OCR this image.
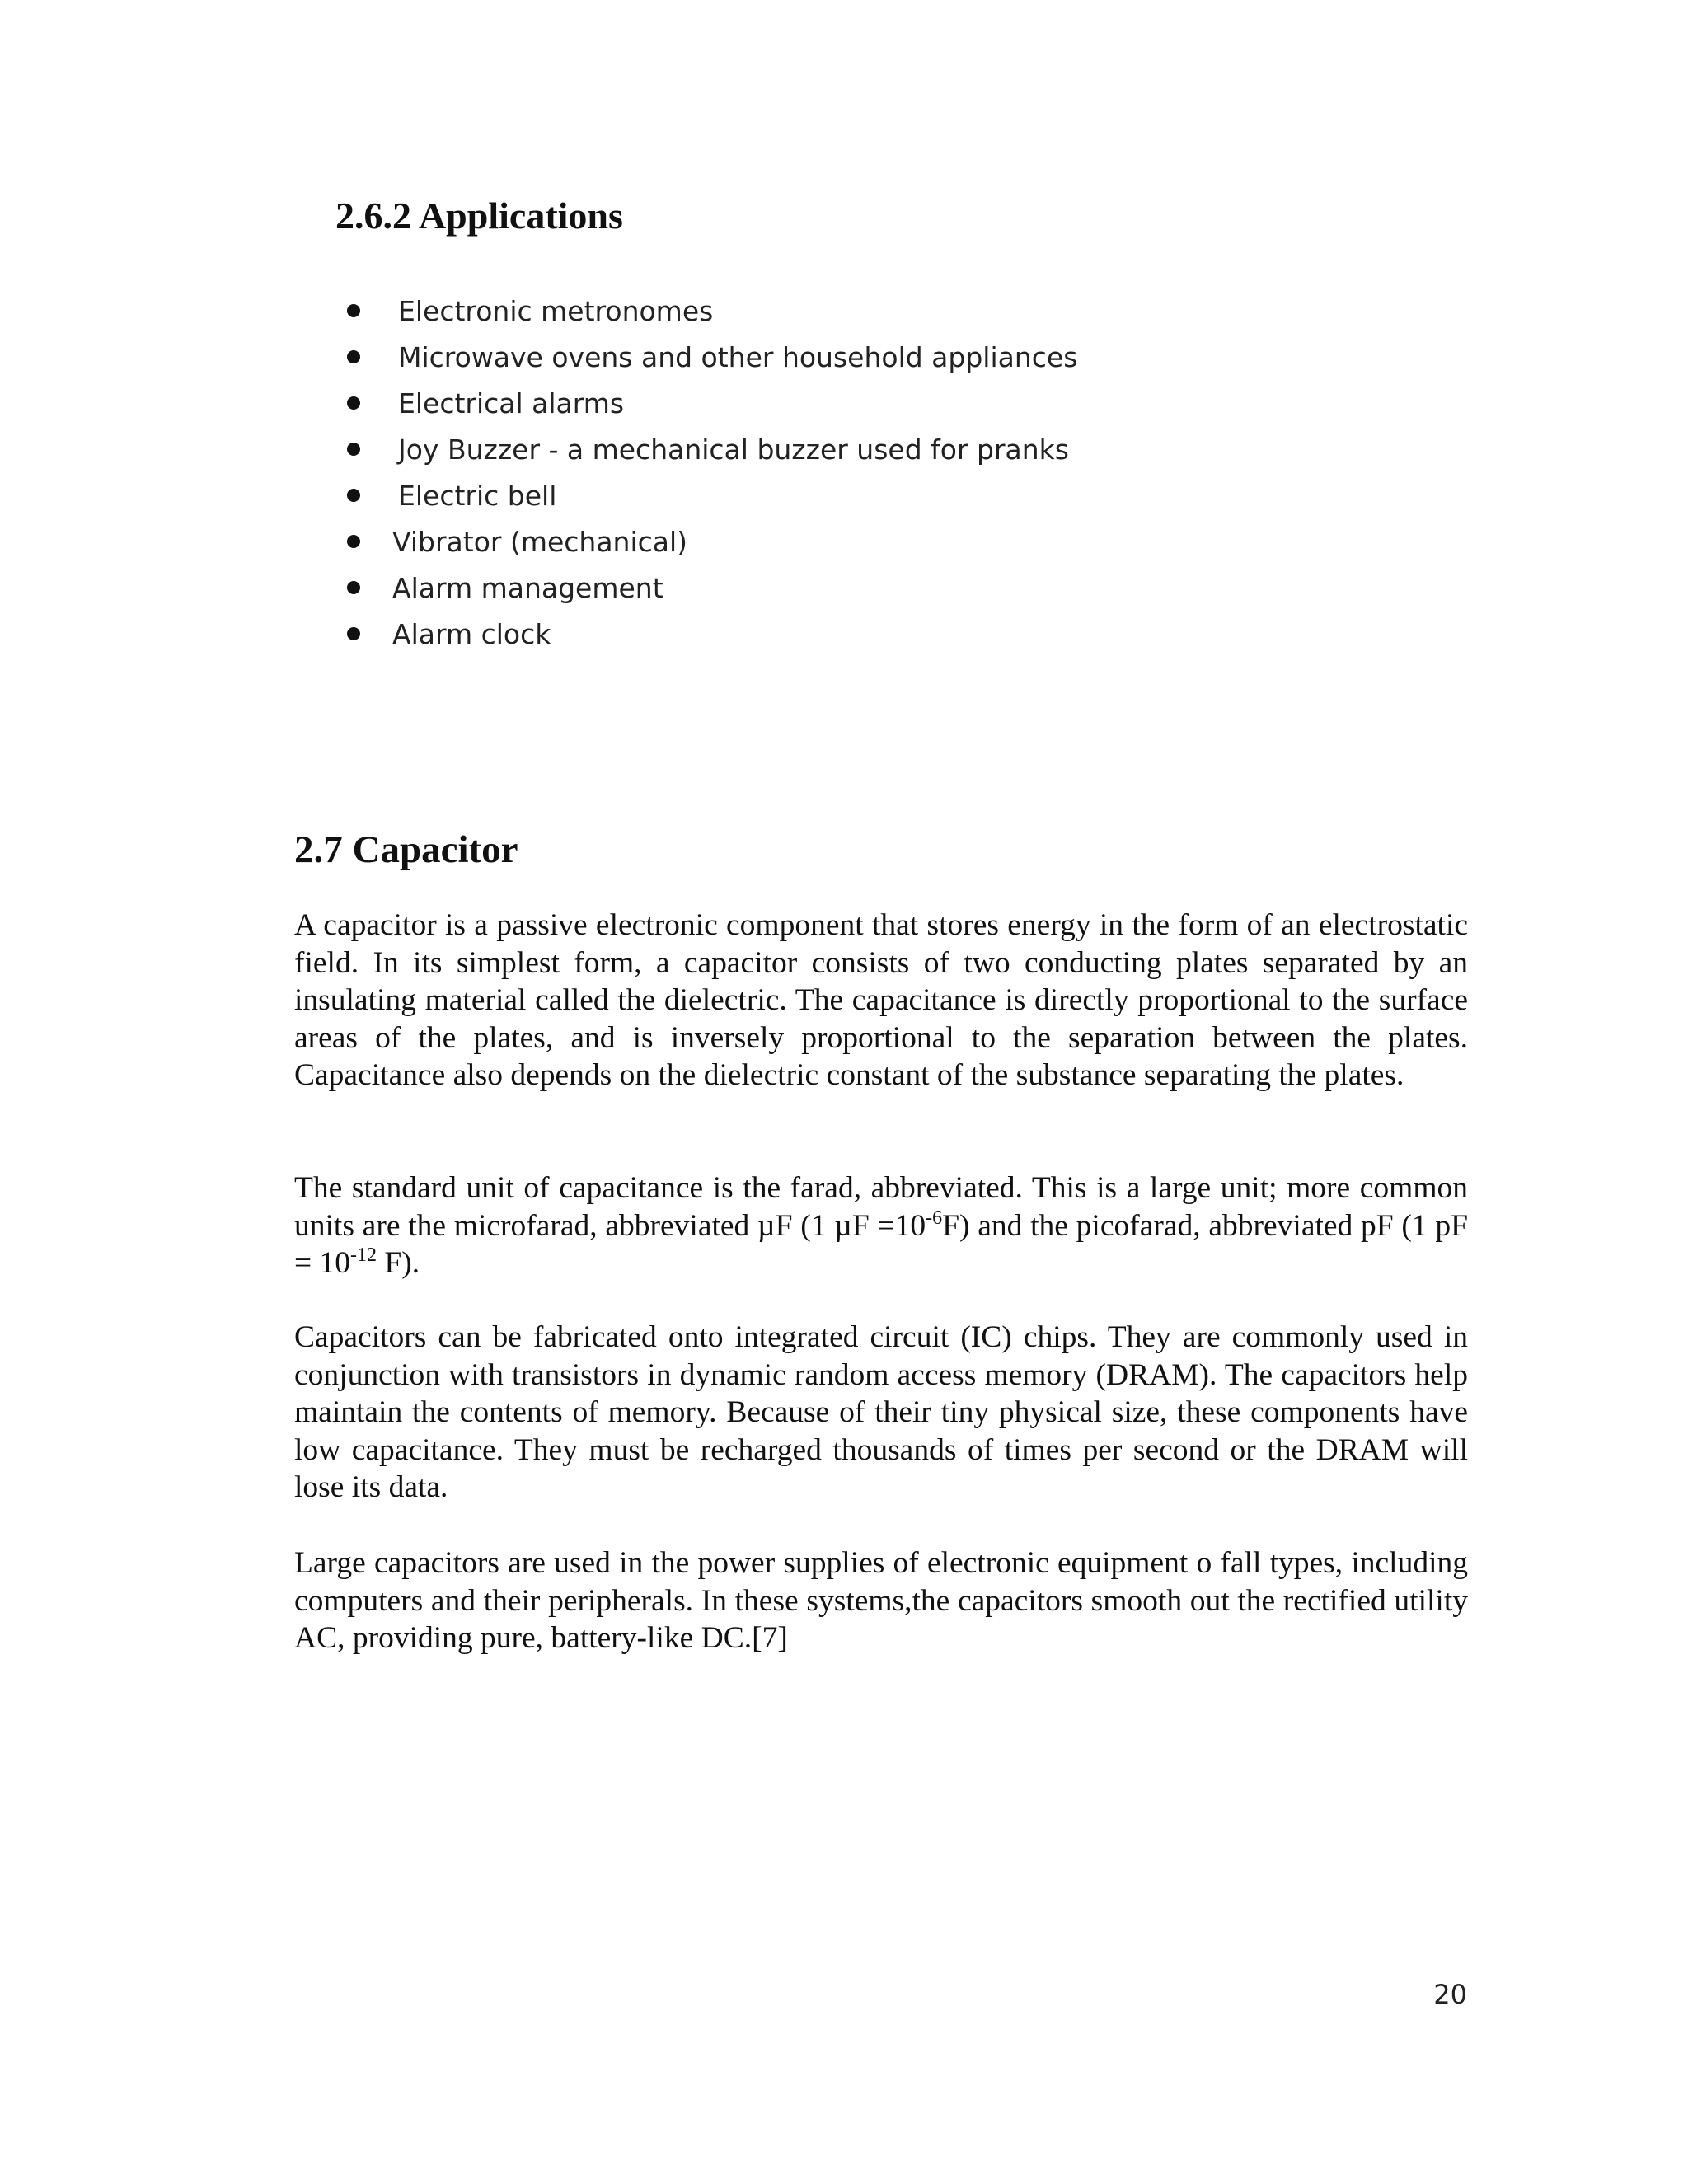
2.6.2 Applications
Electronic metronomes
Microwave ovens and other household appliances
Electrical alarms
Joy Buzzer - a mechanical buzzer used for pranks
Electric bell
Vibrator (mechanical)
Alarm management
Alarm clock
2.7 Capacitor

A capacitor is a passive electronic component that stores energy in the form of an electrostatic field. In its simplest form, a capacitor consists of two conducting plates separated by an insulating material called the dielectric. The capacitance is directly proportional to the surface areas of the plates, and is inversely proportional to the separation between the plates. Capacitance also depends on the dielectric constant of the substance separating the plates.

The standard unit of capacitance is the farad, abbreviated. This is a large unit; more common units are the microfarad, abbreviated µF (1 $\mu F =10^{-6}F$) and the picofarad, abbreviated pF (1 pF = $10^{-12}$ F).

Capacitors can be fabricated onto integrated circuit (IC) chips. They are commonly used in conjunction with transistors in dynamic random access memory (DRAM). The capacitors help maintain the contents of memory. Because of their tiny physical size, these components have low capacitance. They must be recharged thousands of times per second or the DRAM will lose its data.

Large capacitors are used in the power supplies of electronic equipment o fall types, including computers and their peripherals. In these systems,the capacitors smooth out the rectified utility AC, providing pure, battery-like DC.[7]

20
